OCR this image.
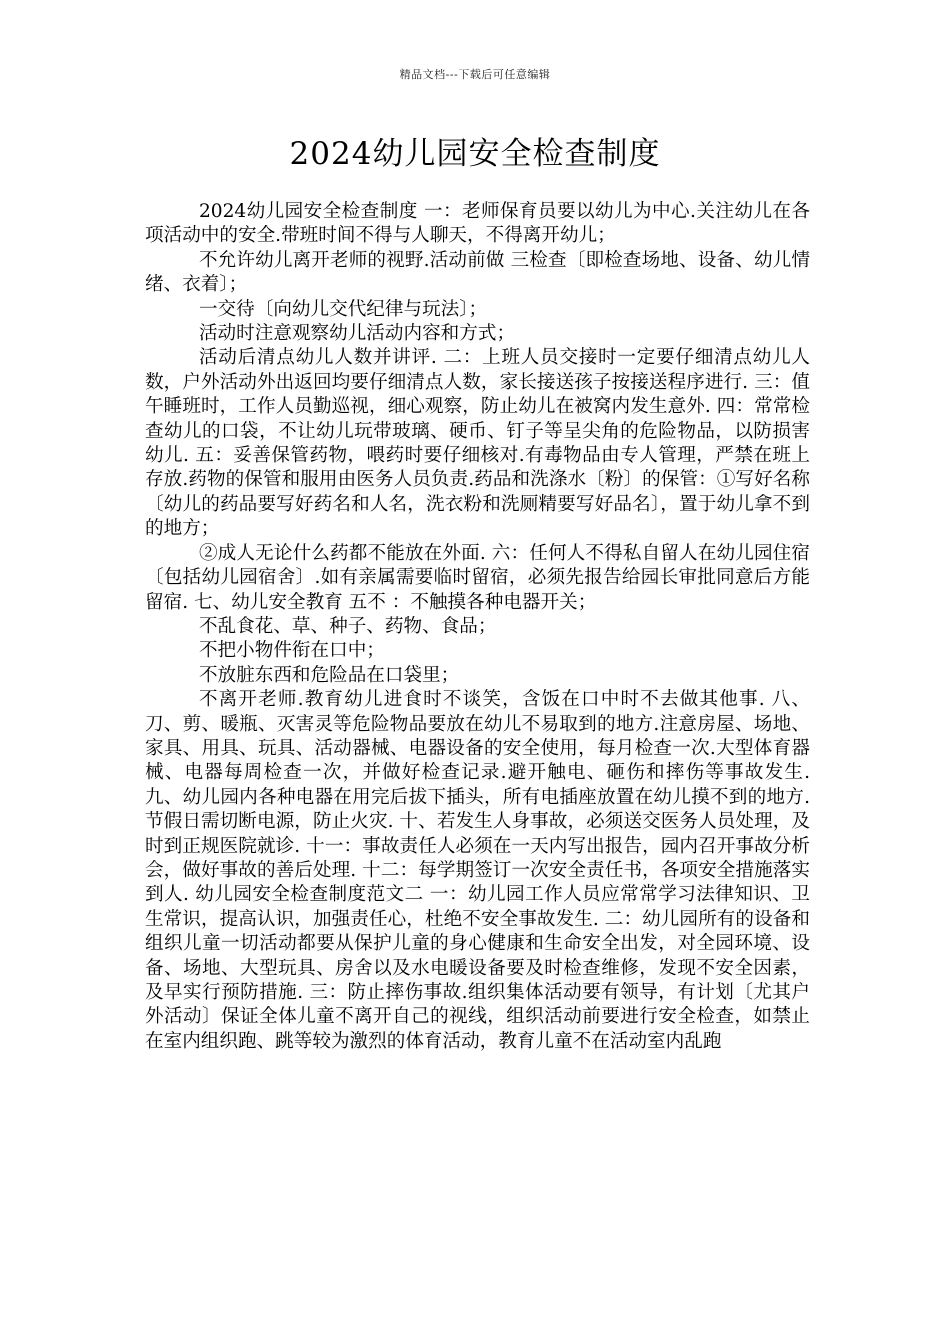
精品文档---下载后可任意编辑
2024幼儿园安全检查制度

2024幼儿园安全检查制度 一：老师保育员要以幼儿为中心.关注幼儿在各项活动中的安全.带班时间不得与人聊天，不得离开幼儿；

不允许幼儿离开老师的视野.活动前做 三检查〔即检查场地、设备、幼儿情绪、衣着〕；

一交待〔向幼儿交代纪律与玩法〕；

活动时注意观察幼儿活动内容和方式；

活动后清点幼儿人数并讲评. 二：上班人员交接时一定要仔细清点幼儿人数，户外活动外出返回均要仔细清点人数，家长接送孩子按接送程序进行. 三：值午睡班时，工作人员勤巡视，细心观察，防止幼儿在被窝内发生意外. 四：常常检查幼儿的口袋，不让幼儿玩带玻璃、硬币、钉子等呈尖角的危险物品，以防损害幼儿. 五：妥善保管药物，喂药时要仔细核对.有毒物品由专人管理，严禁在班上存放.药物的保管和服用由医务人员负责.药品和洗涤水〔粉〕的保管：①写好名称〔幼儿的药品要写好药名和人名，洗衣粉和洗厕精要写好品名〕，置于幼儿拿不到的地方；

②成人无论什么药都不能放在外面. 六：任何人不得私自留人在幼儿园住宿〔包括幼儿园宿舍〕.如有亲属需要临时留宿，必须先报告给园长审批同意后方能留宿. 七、幼儿安全教育 五不 ：不触摸各种电器开关；

不乱食花、草、种子、药物、食品；

不把小物件衔在口中；

不放脏东西和危险品在口袋里；

不离开老师.教育幼儿进食时不谈笑，含饭在口中时不去做其他事. 八、刀、剪、暖瓶、灭害灵等危险物品要放在幼儿不易取到的地方.注意房屋、场地、家具、用具、玩具、活动器械、电器设备的安全使用，每月检查一次.大型体育器械、电器每周检查一次，并做好检查记录.避开触电、砸伤和摔伤等事故发生. 九、幼儿园内各种电器在用完后拔下插头，所有电插座放置在幼儿摸不到的地方.节假日需切断电源，防止火灾. 十、若发生人身事故，必须送交医务人员处理，及时到正规医院就诊. 十一：事故责任人必须在一天内写出报告，园内召开事故分析会，做好事故的善后处理. 十二：每学期签订一次安全责任书，各项安全措施落实到人. 幼儿园安全检查制度范文二 一：幼儿园工作人员应常常学习法律知识、卫生常识，提高认识，加强责任心，杜绝不安全事故发生. 二：幼儿园所有的设备和组织儿童一切活动都要从保护儿童的身心健康和生命安全出发，对全园环境、设备、场地、大型玩具、房舍以及水电暖设备要及时检查维修，发现不安全因素，及早实行预防措施. 三：防止摔伤事故.组织集体活动要有领导，有计划〔尤其户外活动〕保证全体儿童不离开自己的视线，组织活动前要进行安全检查，如禁止在室内组织跑、跳等较为激烈的体育活动，教育儿童不在活动室内乱跑
